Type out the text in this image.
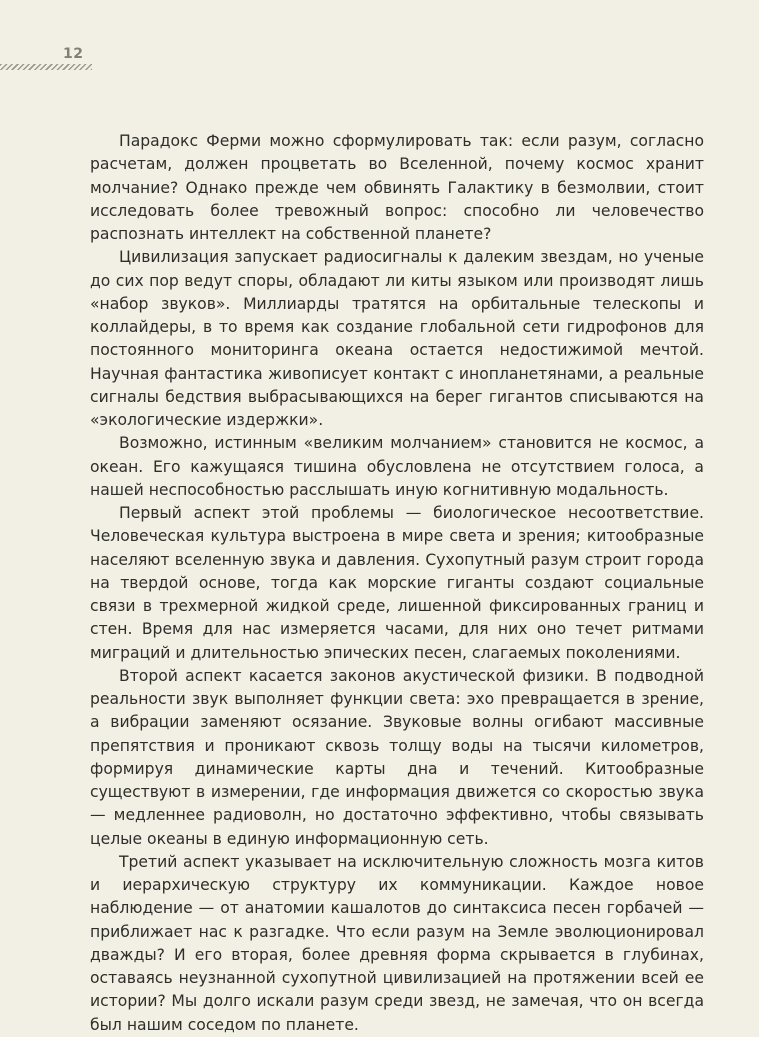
12

Парадокс Ферми можно сформулировать так: если разум, согласно расчетам, должен процветать во Вселенной, почему космос хранит молчание? Однако прежде чем обвинять Галактику в безмолвии, стоит исследовать более тревожный вопрос: способно ли человечество распознать интеллект на собственной планете?

Цивилизация запускает радиосигналы к далеким звездам, но ученые до сих пор ведут споры, обладают ли киты языком или производят лишь «набор звуков». Миллиарды тратятся на орбитальные телескопы и коллайдеры, в то время как создание глобальной сети гидрофонов для постоянного мониторинга океана остается недостижимой мечтой. Научная фантастика живописует контакт с инопланетянами, а реальные сигналы бедствия выбрасывающихся на берег гигантов списываются на «экологические издержки».

Возможно, истинным «великим молчанием» становится не космос, а океан. Его кажущаяся тишина обусловлена не отсутствием голоса, а нашей неспособностью расслышать иную когнитивную модальность.

Первый аспект этой проблемы — биологическое несоответствие. Человеческая культура выстроена в мире света и зрения; китообразные населяют вселенную звука и давления. Сухопутный разум строит города на твердой основе, тогда как морские гиганты создают социальные связи в трехмерной жидкой среде, лишенной фиксированных границ и стен. Время для нас измеряется часами, для них оно течет ритмами миграций и длительностью эпических песен, слагаемых поколениями.

Второй аспект касается законов акустической физики. В подводной реальности звук выполняет функции света: эхо превращается в зрение, а вибрации заменяют осязание. Звуковые волны огибают массивные препятствия и проникают сквозь толщу воды на тысячи километров, формируя динамические карты дна и течений. Китообразные существуют в измерении, где информация движется со скоростью звука — медленнее радиоволн, но достаточно эффективно, чтобы связывать целые океаны в единую информационную сеть.

Третий аспект указывает на исключительную сложность мозга китов и иерархическую структуру их коммуникации. Каждое новое наблюдение — от анатомии кашалотов до синтаксиса песен горбачей — приближает нас к разгадке. Что если разум на Земле эволюционировал дважды? И его вторая, более древняя форма скрывается в глубинах, оставаясь неузнанной сухопутной цивилизацией на протяжении всей ее истории? Мы долго искали разум среди звезд, не замечая, что он всегда был нашим соседом по планете.
